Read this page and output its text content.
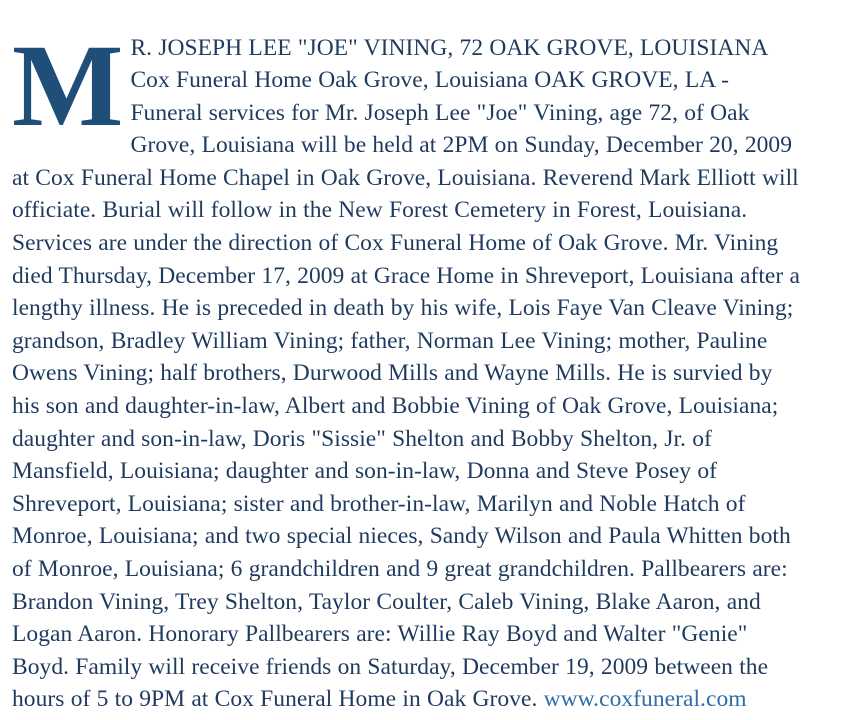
M R. JOSEPH LEE "JOE" VINING, 72 OAK GROVE, LOUISIANA Cox Funeral Home Oak Grove, Louisiana OAK GROVE, LA - Funeral services for Mr. Joseph Lee "Joe" Vining, age 72, of Oak Grove, Louisiana will be held at 2PM on Sunday, December 20, 2009 at Cox Funeral Home Chapel in Oak Grove, Louisiana. Reverend Mark Elliott will officiate. Burial will follow in the New Forest Cemetery in Forest, Louisiana. Services are under the direction of Cox Funeral Home of Oak Grove. Mr. Vining died Thursday, December 17, 2009 at Grace Home in Shreveport, Louisiana after a lengthy illness. He is preceded in death by his wife, Lois Faye Van Cleave Vining; grandson, Bradley William Vining; father, Norman Lee Vining; mother, Pauline Owens Vining; half brothers, Durwood Mills and Wayne Mills. He is survied by his son and daughter-in-law, Albert and Bobbie Vining of Oak Grove, Louisiana; daughter and son-in-law, Doris "Sissie" Shelton and Bobby Shelton, Jr. of Mansfield, Louisiana; daughter and son-in-law, Donna and Steve Posey of Shreveport, Louisiana; sister and brother-in-law, Marilyn and Noble Hatch of Monroe, Louisiana; and two special nieces, Sandy Wilson and Paula Whitten both of Monroe, Louisiana; 6 grandchildren and 9 great grandchildren. Pallbearers are: Brandon Vining, Trey Shelton, Taylor Coulter, Caleb Vining, Blake Aaron, and Logan Aaron. Honorary Pallbearers are: Willie Ray Boyd and Walter "Genie" Boyd. Family will receive friends on Saturday, December 19, 2009 between the hours of 5 to 9PM at Cox Funeral Home in Oak Grove. www.coxfuneral.com
